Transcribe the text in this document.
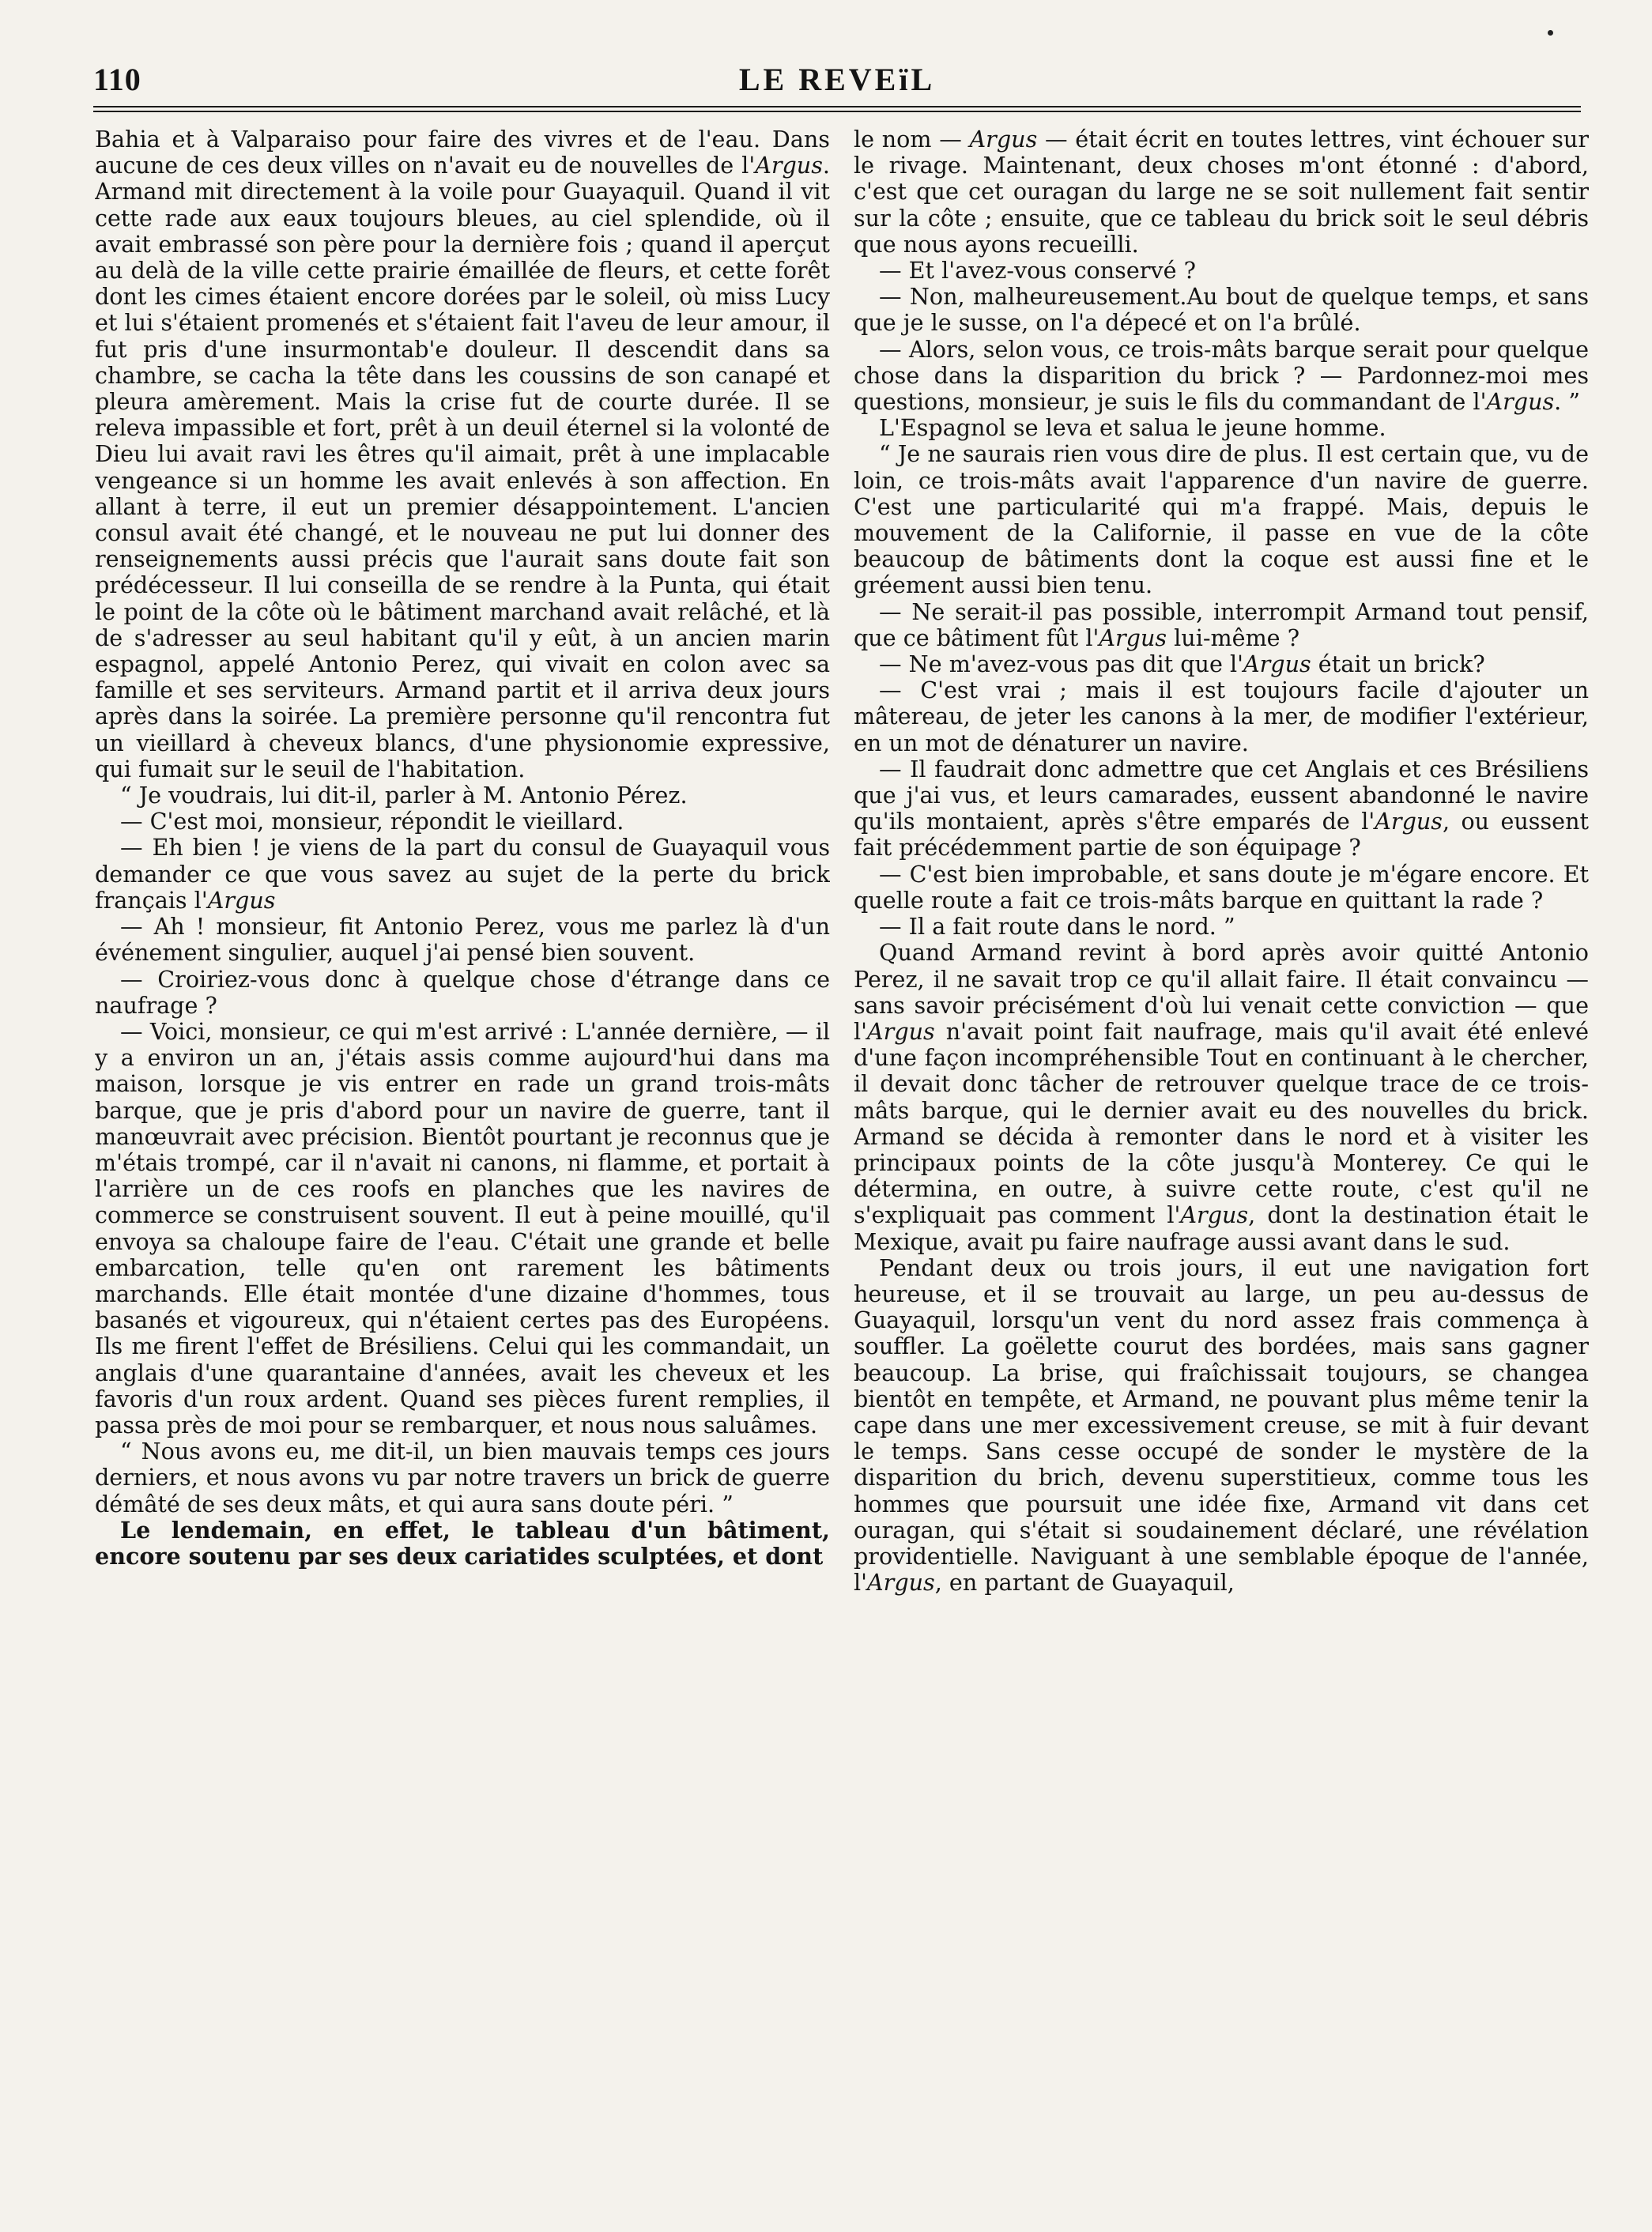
110	LE REVEïL

Bahia et à Valparaiso pour faire des vivres et de l'eau. Dans aucune de ces deux villes on n'avait eu de nouvelles de l'Argus. Armand mit directement à la voile pour Guayaquil. Quand il vit cette rade aux eaux toujours bleues, au ciel splendide, où il avait embrassé son père pour la dernière fois ; quand il aperçut au delà de la ville cette prairie émaillée de fleurs, et cette forêt dont les cimes étaient encore dorées par le soleil, où miss Lucy et lui s'étaient promenés et s'étaient fait l'aveu de leur amour, il fut pris d'une insurmontab'e douleur. Il descendit dans sa chambre, se cacha la tête dans les coussins de son canapé et pleura amèrement. Mais la crise fut de courte durée. Il se releva impassible et fort, prêt à un deuil éternel si la volonté de Dieu lui avait ravi les êtres qu'il aimait, prêt à une implacable vengeance si un homme les avait enlevés à son affection. En allant à terre, il eut un premier désappointement. L'ancien consul avait été changé, et le nouveau ne put lui donner des renseignements aussi précis que l'aurait sans doute fait son prédécesseur. Il lui conseilla de se rendre à la Punta, qui était le point de la côte où le bâtiment marchand avait relâché, et là de s'adresser au seul habitant qu'il y eût, à un ancien marin espagnol, appelé Antonio Perez, qui vivait en colon avec sa famille et ses serviteurs. Armand partit et il arriva deux jours après dans la soirée. La première personne qu'il rencontra fut un vieillard à cheveux blancs, d'une physionomie expressive, qui fumait sur le seuil de l'habitation.

“ Je voudrais, lui dit-il, parler à M. Antonio Pérez.

— C'est moi, monsieur, répondit le vieillard.

— Eh bien ! je viens de la part du consul de Guayaquil vous demander ce que vous savez au sujet de la perte du brick français l'Argus

— Ah ! monsieur, fit Antonio Perez, vous me parlez là d'un événement singulier, auquel j'ai pensé bien souvent.

— Croiriez-vous donc à quelque chose d'étrange dans ce naufrage ?

— Voici, monsieur, ce qui m'est arrivé : L'année dernière, — il y a environ un an, j'étais assis comme aujourd'hui dans ma maison, lorsque je vis entrer en rade un grand trois-mâts barque, que je pris d'abord pour un navire de guerre, tant il manœuvrait avec précision. Bientôt pourtant je reconnus que je m'étais trompé, car il n'avait ni canons, ni flamme, et portait à l'arrière un de ces roofs en planches que les navires de commerce se construisent souvent. Il eut à peine mouillé, qu'il envoya sa chaloupe faire de l'eau. C'était une grande et belle embarcation, telle qu'en ont rarement les bâtiments marchands. Elle était montée d'une dizaine d'hommes, tous basanés et vigoureux, qui n'étaient certes pas des Européens. Ils me firent l'effet de Brésiliens. Celui qui les commandait, un anglais d'une quarantaine d'années, avait les cheveux et les favoris d'un roux ardent. Quand ses pièces furent remplies, il passa près de moi pour se rembarquer, et nous nous saluâmes.

“ Nous avons eu, me dit-il, un bien mauvais temps ces jours derniers, et nous avons vu par notre travers un brick de guerre démâté de ses deux mâts, et qui aura sans doute péri. ”

Le lendemain, en effet, le tableau d'un bâtiment, encore soutenu par ses deux cariatides sculptées, et dont

le nom — Argus — était écrit en toutes lettres, vint échouer sur le rivage. Maintenant, deux choses m'ont étonné : d'abord, c'est que cet ouragan du large ne se soit nullement fait sentir sur la côte ; ensuite, que ce tableau du brick soit le seul débris que nous ayons recueilli.

— Et l'avez-vous conservé ?

— Non, malheureusement.Au bout de quelque temps, et sans que je le susse, on l'a dépecé et on l'a brûlé.

— Alors, selon vous, ce trois-mâts barque serait pour quelque chose dans la disparition du brick ? — Pardonnez-moi mes questions, monsieur, je suis le fils du commandant de l'Argus. ”

L'Espagnol se leva et salua le jeune homme.

“ Je ne saurais rien vous dire de plus. Il est certain que, vu de loin, ce trois-mâts avait l'apparence d'un navire de guerre. C'est une particularité qui m'a frappé. Mais, depuis le mouvement de la Californie, il passe en vue de la côte beaucoup de bâtiments dont la coque est aussi fine et le gréement aussi bien tenu.

— Ne serait-il pas possible, interrompit Armand tout pensif, que ce bâtiment fût l'Argus lui-même ?

— Ne m'avez-vous pas dit que l'Argus était un brick?

— C'est vrai ; mais il est toujours facile d'ajouter un mâtereau, de jeter les canons à la mer, de modifier l'extérieur, en un mot de dénaturer un navire.

— Il faudrait donc admettre que cet Anglais et ces Brésiliens que j'ai vus, et leurs camarades, eussent abandonné le navire qu'ils montaient, après s'être emparés de l'Argus, ou eussent fait précédemment partie de son équipage ?

— C'est bien improbable, et sans doute je m'égare encore. Et quelle route a fait ce trois-mâts barque en quittant la rade ?

— Il a fait route dans le nord. ”

Quand Armand revint à bord après avoir quitté Antonio Perez, il ne savait trop ce qu'il allait faire. Il était convaincu — sans savoir précisément d'où lui venait cette conviction — que l'Argus n'avait point fait naufrage, mais qu'il avait été enlevé d'une façon incompréhensible Tout en continuant à le chercher, il devait donc tâcher de retrouver quelque trace de ce trois-mâts barque, qui le dernier avait eu des nouvelles du brick. Armand se décida à remonter dans le nord et à visiter les principaux points de la côte jusqu'à Monterey. Ce qui le détermina, en outre, à suivre cette route, c'est qu'il ne s'expliquait pas comment l'Argus, dont la destination était le Mexique, avait pu faire naufrage aussi avant dans le sud.

Pendant deux ou trois jours, il eut une navigation fort heureuse, et il se trouvait au large, un peu au-dessus de Guayaquil, lorsqu'un vent du nord assez frais commença à souffler. La goëlette courut des bordées, mais sans gagner beaucoup. La brise, qui fraîchissait toujours, se changea bientôt en tempête, et Armand, ne pouvant plus même tenir la cape dans une mer excessivement creuse, se mit à fuir devant le temps. Sans cesse occupé de sonder le mystère de la disparition du brich, devenu superstitieux, comme tous les hommes que poursuit une idée fixe, Armand vit dans cet ouragan, qui s'était si soudainement déclaré, une révélation providentielle. Naviguant à une semblable époque de l'année, l'Argus, en partant de Guayaquil,
